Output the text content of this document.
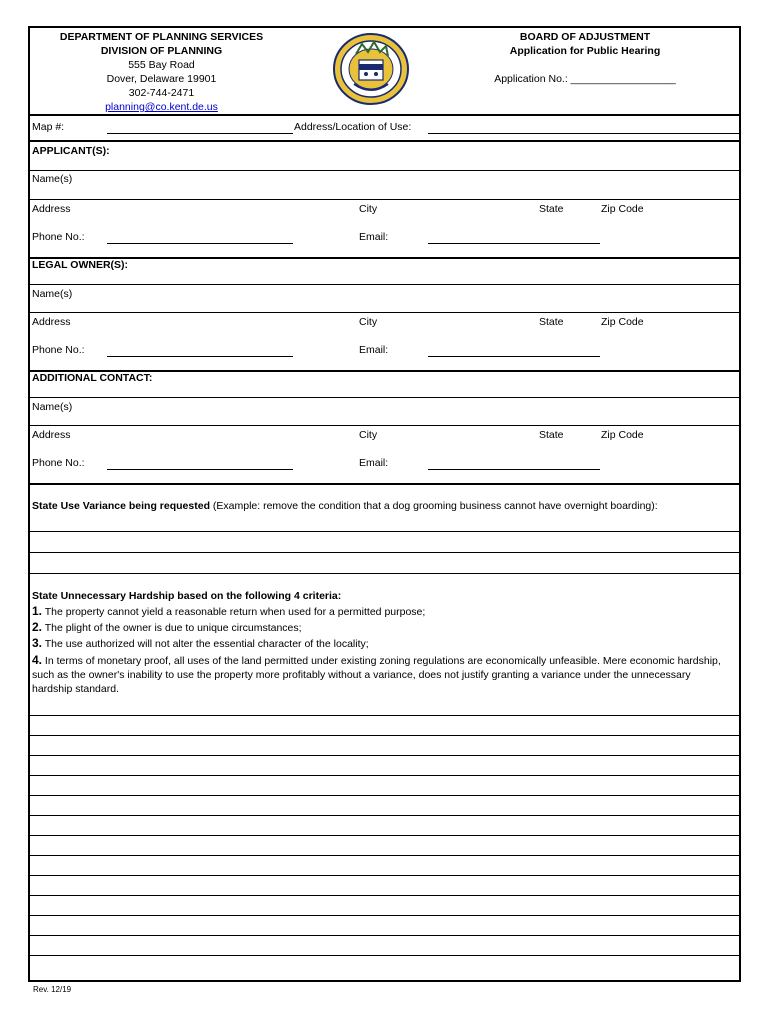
DEPARTMENT OF PLANNING SERVICES
DIVISION OF PLANNING
555 Bay Road
Dover, Delaware 19901
302-744-2471
planning@co.kent.de.us
BOARD OF ADJUSTMENT
Application for Public Hearing
Application No.: __________________
Map #:	Address/Location of Use:
APPLICANT(S):
Name(s)
Address	City	State	Zip Code
Phone No.:	Email:
LEGAL OWNER(S):
Name(s)
Address	City	State	Zip Code
Phone No.:	Email:
ADDITIONAL CONTACT:
Name(s)
Address	City	State	Zip Code
Phone No.:	Email:
State Use Variance being requested (Example: remove the condition that a dog grooming business cannot have overnight boarding):
State Unnecessary Hardship based on the following 4 criteria:
1. The property cannot yield a reasonable return when used for a permitted purpose;
2. The plight of the owner is due to unique circumstances;
3. The use authorized will not alter the essential character of the locality;
4. In terms of monetary proof, all uses of the land permitted under existing zoning regulations are economically unfeasible. Mere economic hardship, such as the owner's inability to use the property more profitably without a variance, does not justify granting a variance under the unnecessary hardship standard.
Rev. 12/19
